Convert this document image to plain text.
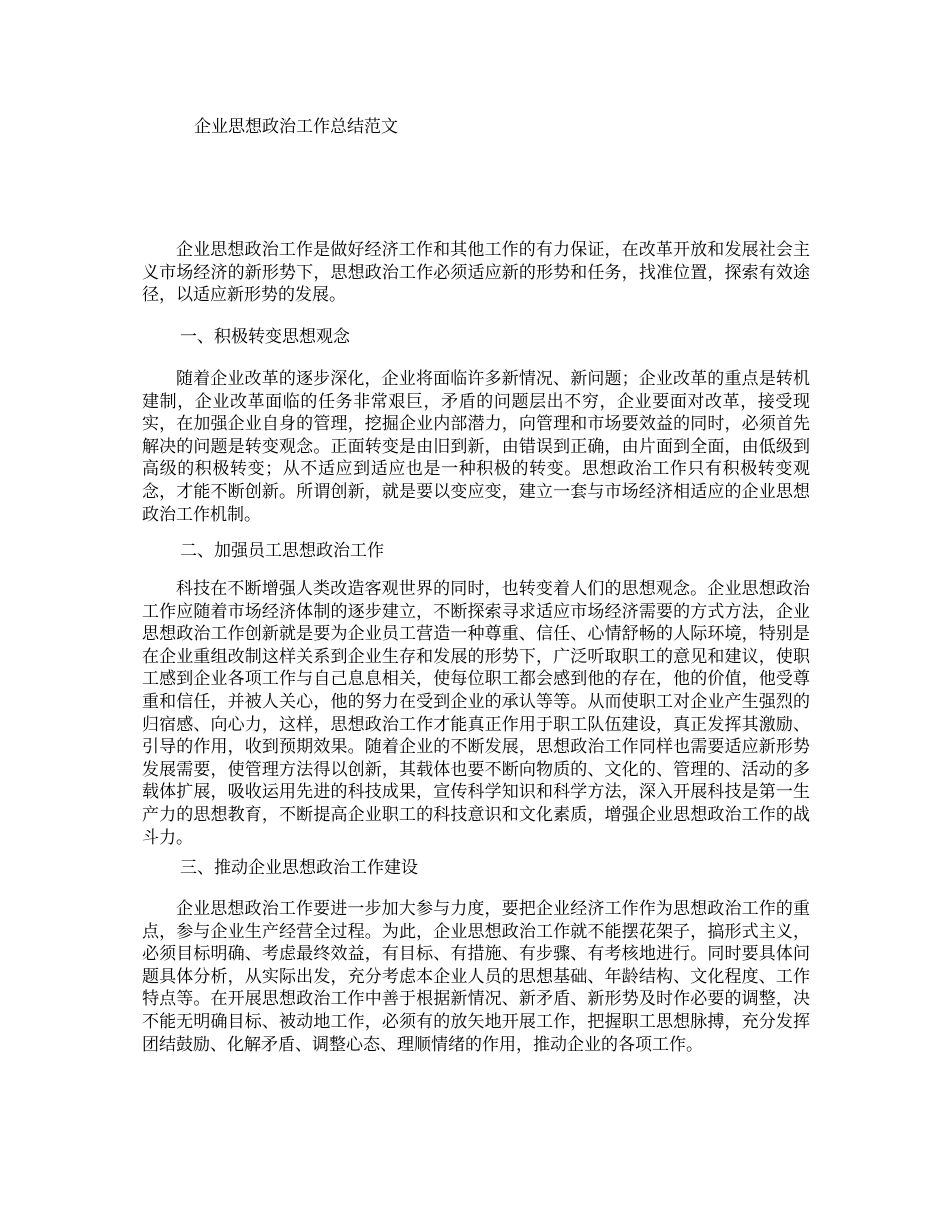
企业思想政治工作总结范文

企业思想政治工作是做好经济工作和其他工作的有力保证，在改革开放和发展社会主义市场经济的新形势下，思想政治工作必须适应新的形势和任务，找准位置，探索有效途径，以适应新形势的发展。

一、积极转变思想观念

随着企业改革的逐步深化，企业将面临许多新情况、新问题；企业改革的重点是转机建制，企业改革面临的任务非常艰巨，矛盾的问题层出不穷，企业要面对改革，接受现实，在加强企业自身的管理，挖掘企业内部潜力，向管理和市场要效益的同时，必须首先解决的问题是转变观念。正面转变是由旧到新，由错误到正确，由片面到全面，由低级到高级的积极转变；从不适应到适应也是一种积极的转变。思想政治工作只有积极转变观念，才能不断创新。所谓创新，就是要以变应变，建立一套与市场经济相适应的企业思想政治工作机制。

二、加强员工思想政治工作

科技在不断增强人类改造客观世界的同时，也转变着人们的思想观念。企业思想政治工作应随着市场经济体制的逐步建立，不断探索寻求适应市场经济需要的方式方法，企业思想政治工作创新就是要为企业员工营造一种尊重、信任、心情舒畅的人际环境，特别是在企业重组改制这样关系到企业生存和发展的形势下，广泛听取职工的意见和建议，使职工感到企业各项工作与自己息息相关，使每位职工都会感到他的存在，他的价值，他受尊重和信任，并被人关心，他的努力在受到企业的承认等等。从而使职工对企业产生强烈的归宿感、向心力，这样，思想政治工作才能真正作用于职工队伍建设，真正发挥其激励、引导的作用，收到预期效果。随着企业的不断发展，思想政治工作同样也需要适应新形势发展需要，使管理方法得以创新，其载体也要不断向物质的、文化的、管理的、活动的多载体扩展，吸收运用先进的科技成果，宣传科学知识和科学方法，深入开展科技是第一生产力的思想教育，不断提高企业职工的科技意识和文化素质，增强企业思想政治工作的战斗力。

三、推动企业思想政治工作建设

企业思想政治工作要进一步加大参与力度，要把企业经济工作作为思想政治工作的重点，参与企业生产经营全过程。为此，企业思想政治工作就不能摆花架子，搞形式主义，必须目标明确、考虑最终效益，有目标、有措施、有步骤、有考核地进行。同时要具体问题具体分析，从实际出发，充分考虑本企业人员的思想基础、年龄结构、文化程度、工作特点等。在开展思想政治工作中善于根据新情况、新矛盾、新形势及时作必要的调整，决不能无明确目标、被动地工作，必须有的放矢地开展工作，把握职工思想脉搏，充分发挥团结鼓励、化解矛盾、调整心态、理顺情绪的作用，推动企业的各项工作。
